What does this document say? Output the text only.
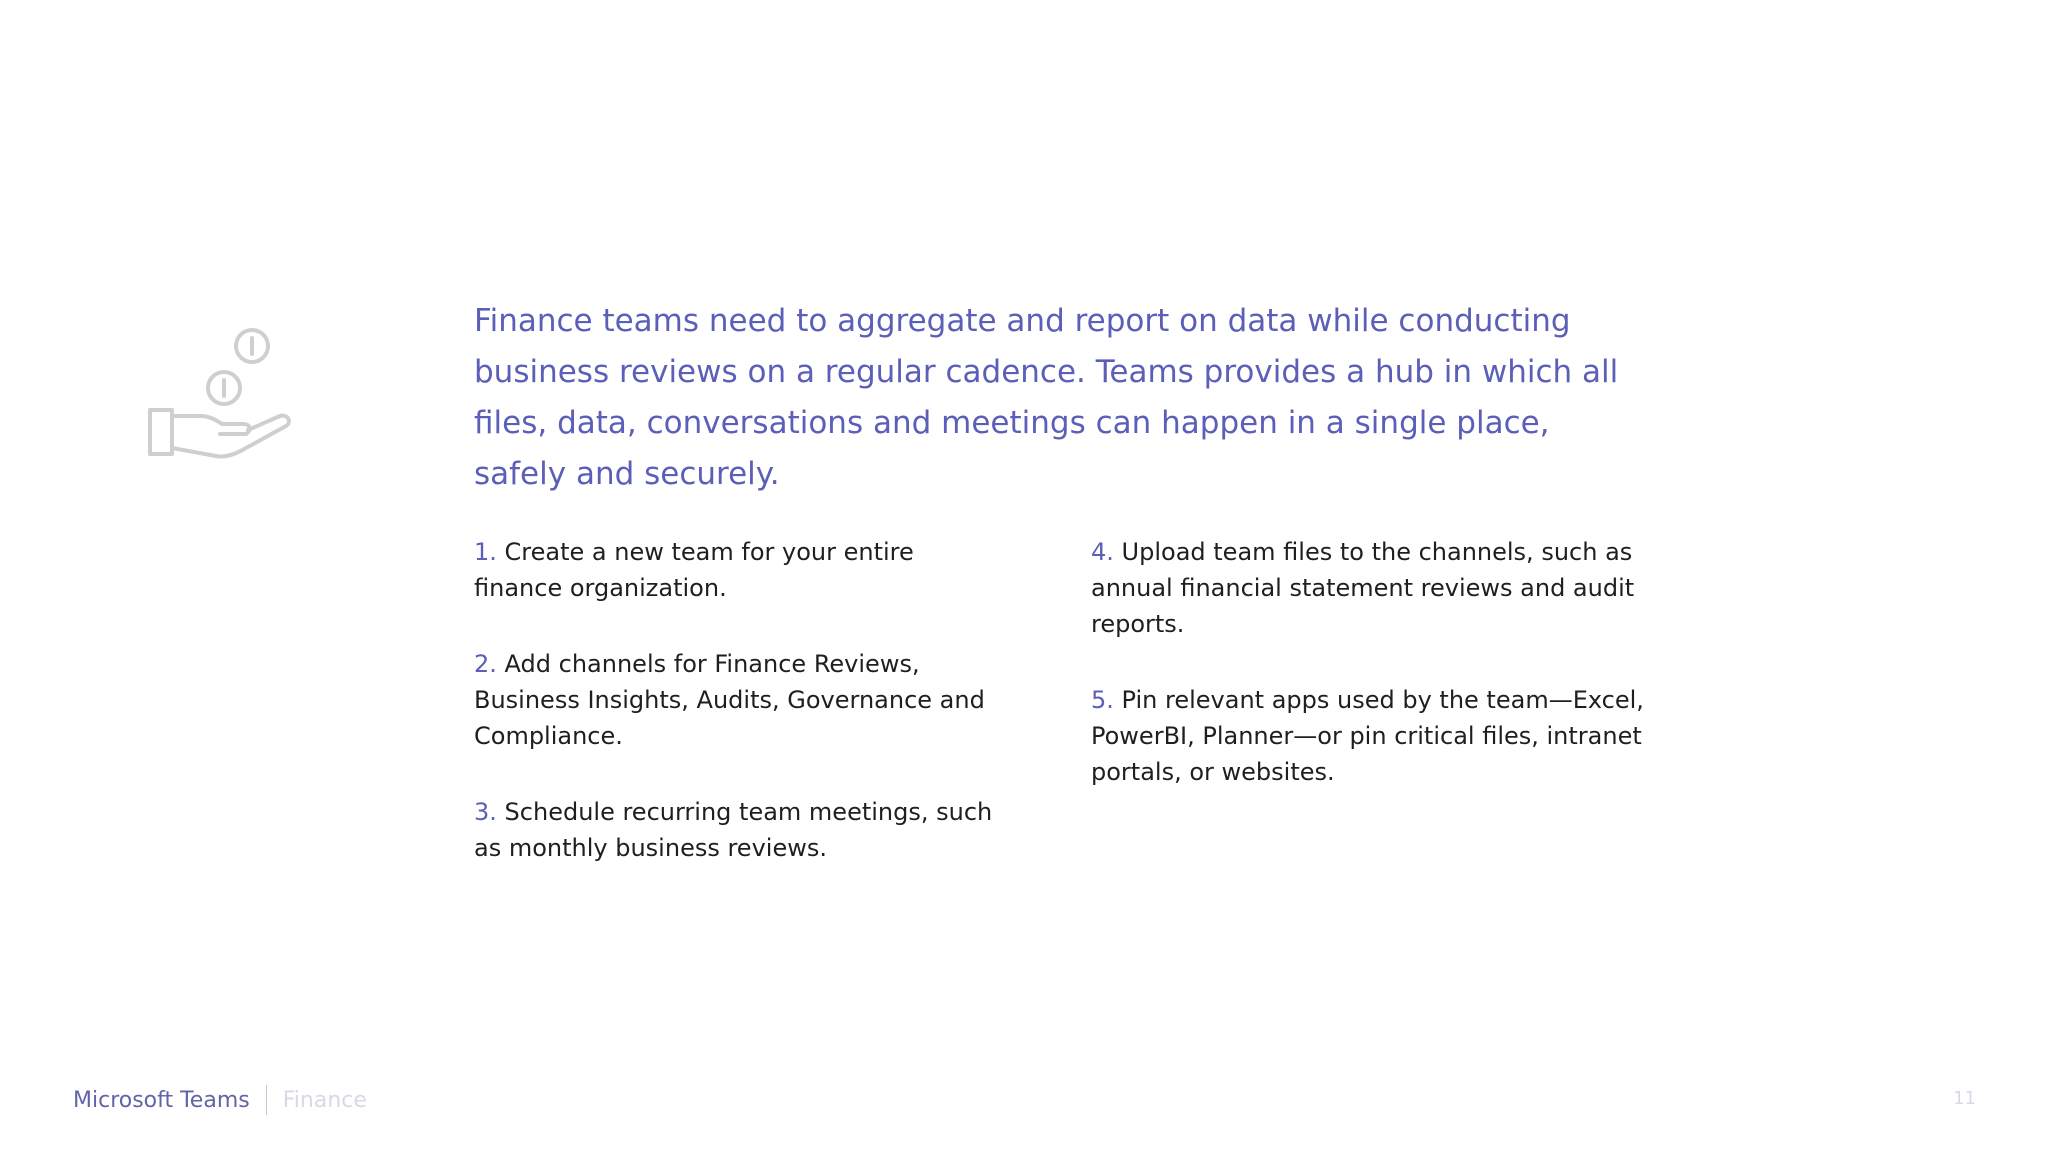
Finance teams need to aggregate and report on data while conducting business reviews on a regular cadence. Teams provides a hub in which all files, data, conversations and meetings can happen in a single place, safely and securely.

1. Create a new team for your entire finance organization.

2. Add channels for Finance Reviews, Business Insights, Audits, Governance and Compliance.

3. Schedule recurring team meetings, such as monthly business reviews.

4. Upload team files to the channels, such as annual financial statement reviews and audit reports.

5. Pin relevant apps used by the team—Excel, PowerBI, Planner—or pin critical files, intranet portals, or websites.

Microsoft Teams Finance	11
